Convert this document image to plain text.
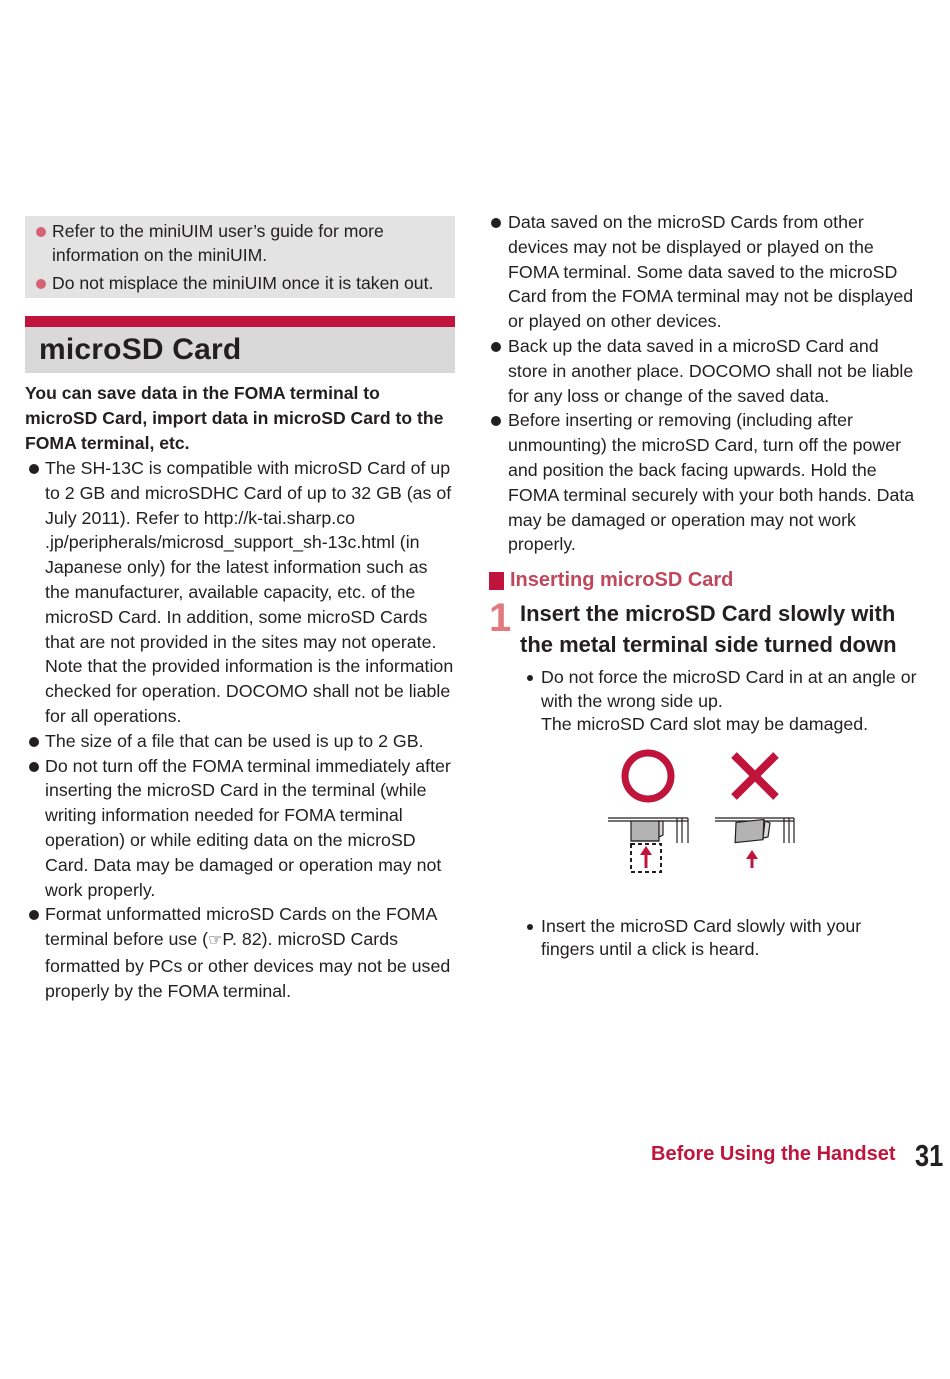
Refer to the miniUIM user’s guide for more information on the miniUIM.

Do not misplace the miniUIM once it is taken out.

microSD Card

You can save data in the FOMA terminal to microSD Card, import data in microSD Card to the FOMA terminal, etc.

The SH-13C is compatible with microSD Card of up to 2 GB and microSDHC Card of up to 32 GB (as of July 2011). Refer to http://k-tai.sharp.co .jp/peripherals/microsd_support_sh-13c.html (in Japanese only) for the latest information such as the manufacturer, available capacity, etc. of the microSD Card. In addition, some microSD Cards that are not provided in the sites may not operate. Note that the provided information is the information checked for operation. DOCOMO shall not be liable for all operations.

The size of a file that can be used is up to 2 GB.

Do not turn off the FOMA terminal immediately after inserting the microSD Card in the terminal (while writing information needed for FOMA terminal operation) or while editing data on the microSD Card. Data may be damaged or operation may not work properly.

Format unformatted microSD Cards on the FOMA terminal before use (☞P. 82). microSD Cards formatted by PCs or other devices may not be used properly by the FOMA terminal.

Data saved on the microSD Cards from other devices may not be displayed or played on the FOMA terminal. Some data saved to the microSD Card from the FOMA terminal may not be displayed or played on other devices.

Back up the data saved in a microSD Card and store in another place. DOCOMO shall not be liable for any loss or change of the saved data.

Before inserting or removing (including after unmounting) the microSD Card, turn off the power and position the back facing upwards. Hold the FOMA terminal securely with your both hands. Data may be damaged or operation may not work properly.

Inserting microSD Card
1 Insert the microSD Card slowly with the metal terminal side turned down

Do not force the microSD Card in at an angle or with the wrong side up.
The microSD Card slot may be damaged.

Insert the microSD Card slowly with your fingers until a click is heard.

Before Using the Handset 31
